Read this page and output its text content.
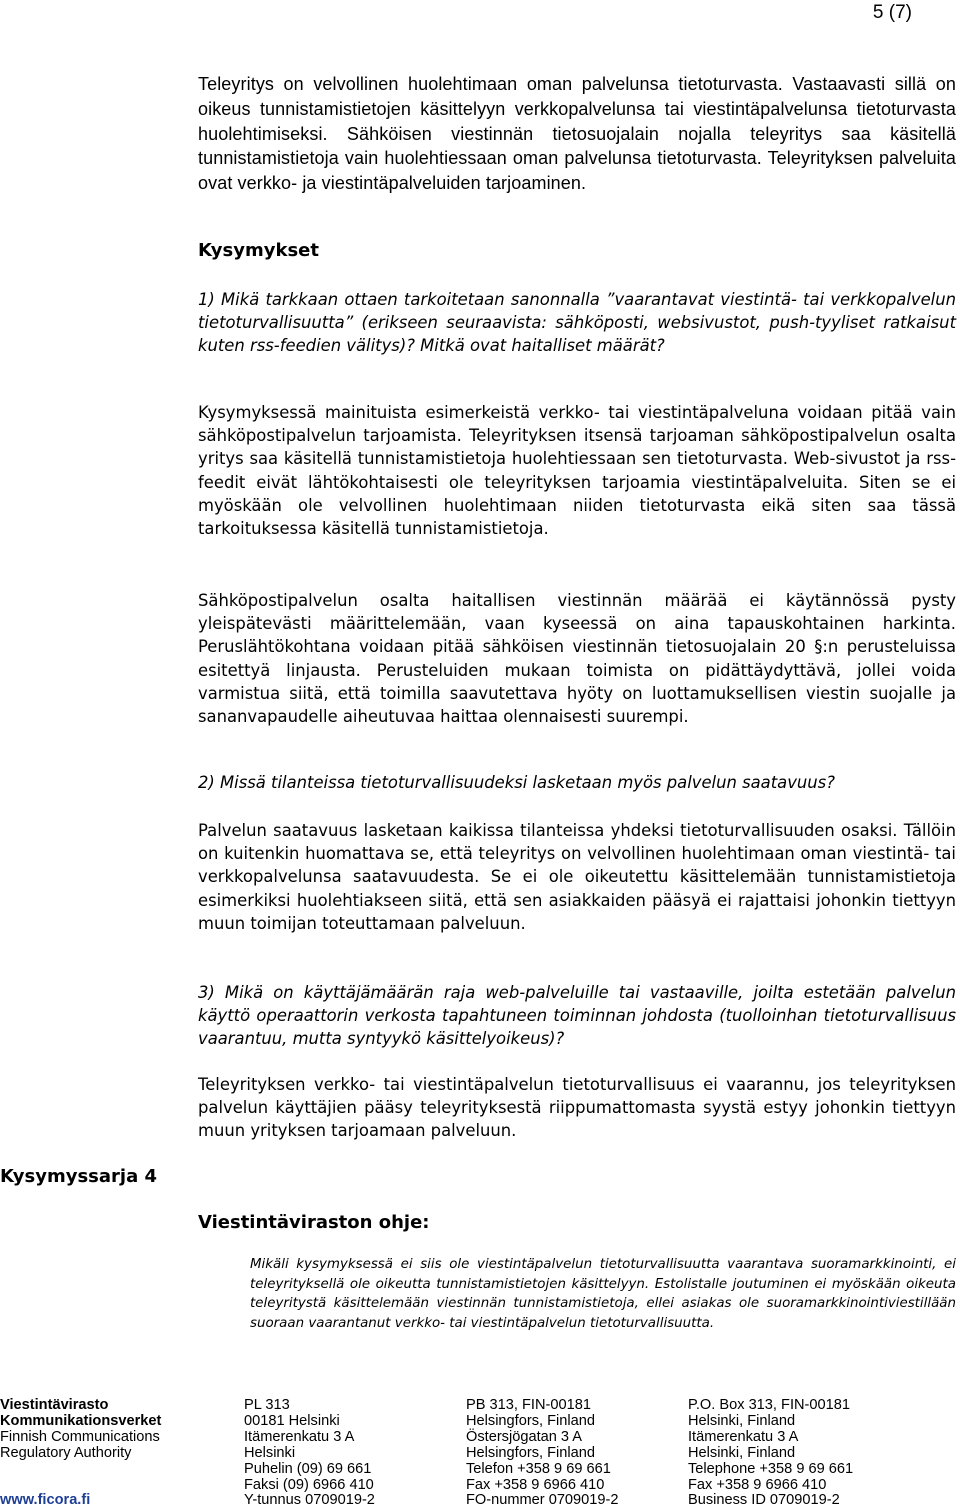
5 (7)

Teleyritys on velvollinen huolehtimaan oman palvelunsa tietoturvasta. Vastaavasti sillä on oikeus tunnistamistietojen käsittelyyn verkkopalvelunsa tai viestintäpalvelunsa tietoturvasta huolehtimiseksi. Sähköisen viestinnän tietosuojalain nojalla teleyritys saa käsitellä tunnistamistietoja vain huolehtiessaan oman palvelunsa tietoturvasta. Teleyrityksen palveluita ovat verkko- ja viestintäpalveluiden tarjoaminen.

Kysymykset

1) Mikä tarkkaan ottaen tarkoitetaan sanonnalla ”vaarantavat viestintä- tai verkkopalvelun tietoturvallisuutta” (erikseen seuraavista: sähköposti, websivustot, push-tyyliset ratkaisut kuten rss-feedien välitys)? Mitkä ovat haitalliset määrät?

Kysymyksessä mainituista esimerkeistä verkko- tai viestintäpalveluna voidaan pitää vain sähköpostipalvelun tarjoamista. Teleyrityksen itsensä tarjoaman sähköpostipalvelun osalta yritys saa käsitellä tunnistamistietoja huolehtiessaan sen tietoturvasta. Web-sivustot ja rss-feedit eivät lähtökohtaisesti ole teleyrityksen tarjoamia viestintäpalveluita. Siten se ei myöskään ole velvollinen huolehtimaan niiden tietoturvasta eikä siten saa tässä tarkoituksessa käsitellä tunnistamistietoja.

Sähköpostipalvelun osalta haitallisen viestinnän määrää ei käytännössä pysty yleispätevästi määrittelemään, vaan kyseessä on aina tapauskohtainen harkinta. Peruslähtökohtana voidaan pitää sähköisen viestinnän tietosuojalain 20 §:n perusteluissa esitettyä linjausta. Perusteluiden mukaan toimista on pidättäydyttävä, jollei voida varmistua siitä, että toimilla saavutettava hyöty on luottamuksellisen viestin suojalle ja sananvapaudelle aiheutuvaa haittaa olennaisesti suurempi.

2) Missä tilanteissa tietoturvallisuudeksi lasketaan myös palvelun saatavuus?

Palvelun saatavuus lasketaan kaikissa tilanteissa yhdeksi tietoturvallisuuden osaksi. Tällöin on kuitenkin huomattava se, että teleyritys on velvollinen huolehtimaan oman viestintä- tai verkkopalvelunsa saatavuudesta. Se ei ole oikeutettu käsittelemään tunnistamistietoja esimerkiksi huolehtiakseen siitä, että sen asiakkaiden pääsyä ei rajattaisi johonkin tiettyyn muun toimijan toteuttamaan palveluun.

3) Mikä on käyttäjämäärän raja web-palveluille tai vastaaville, joilta estetään palvelun käyttö operaattorin verkosta tapahtuneen toiminnan johdosta (tuolloinhan tietoturvallisuus vaarantuu, mutta syntyykö käsittelyoikeus)?

Teleyrityksen verkko- tai viestintäpalvelun tietoturvallisuus ei vaarannu, jos teleyrityksen palvelun käyttäjien pääsy teleyrityksestä riippumattomasta syystä estyy johonkin tiettyyn muun yrityksen tarjoamaan palveluun.

Kysymyssarja 4
Viestintäviraston ohje:
Mikäli kysymyksessä ei siis ole viestintäpalvelun tietoturvallisuutta vaarantava suoramarkkinointi, ei teleyrityksellä ole oikeutta tunnistamistietojen käsittelyyn. Estolistalle joutuminen ei myöskään oikeuta teleyritystä käsittelemään viestinnän tunnistamistietoja, ellei asiakas ole suoramarkkinointiviestillään suoraan vaarantanut verkko- tai viestintäpalvelun tietoturvallisuutta.
Viestintävirasto
Kommunikationsverket
Finnish Communications
Regulatory Authority

www.ficora.fi
PL 313
00181 Helsinki
Itämerenkatu 3 A
Helsinki
Puhelin (09) 69 661
Faksi (09) 6966 410
Y-tunnus 0709019-2
PB 313, FIN-00181
Helsingfors, Finland
Östersjögatan 3 A
Helsingfors, Finland
Telefon +358 9 69 661
Fax +358 9 6966 410
FO-nummer 0709019-2
P.O. Box 313, FIN-00181
Helsinki, Finland
Itämerenkatu 3 A
Helsinki, Finland
Telephone +358 9 69 661
Fax +358 9 6966 410
Business ID 0709019-2
